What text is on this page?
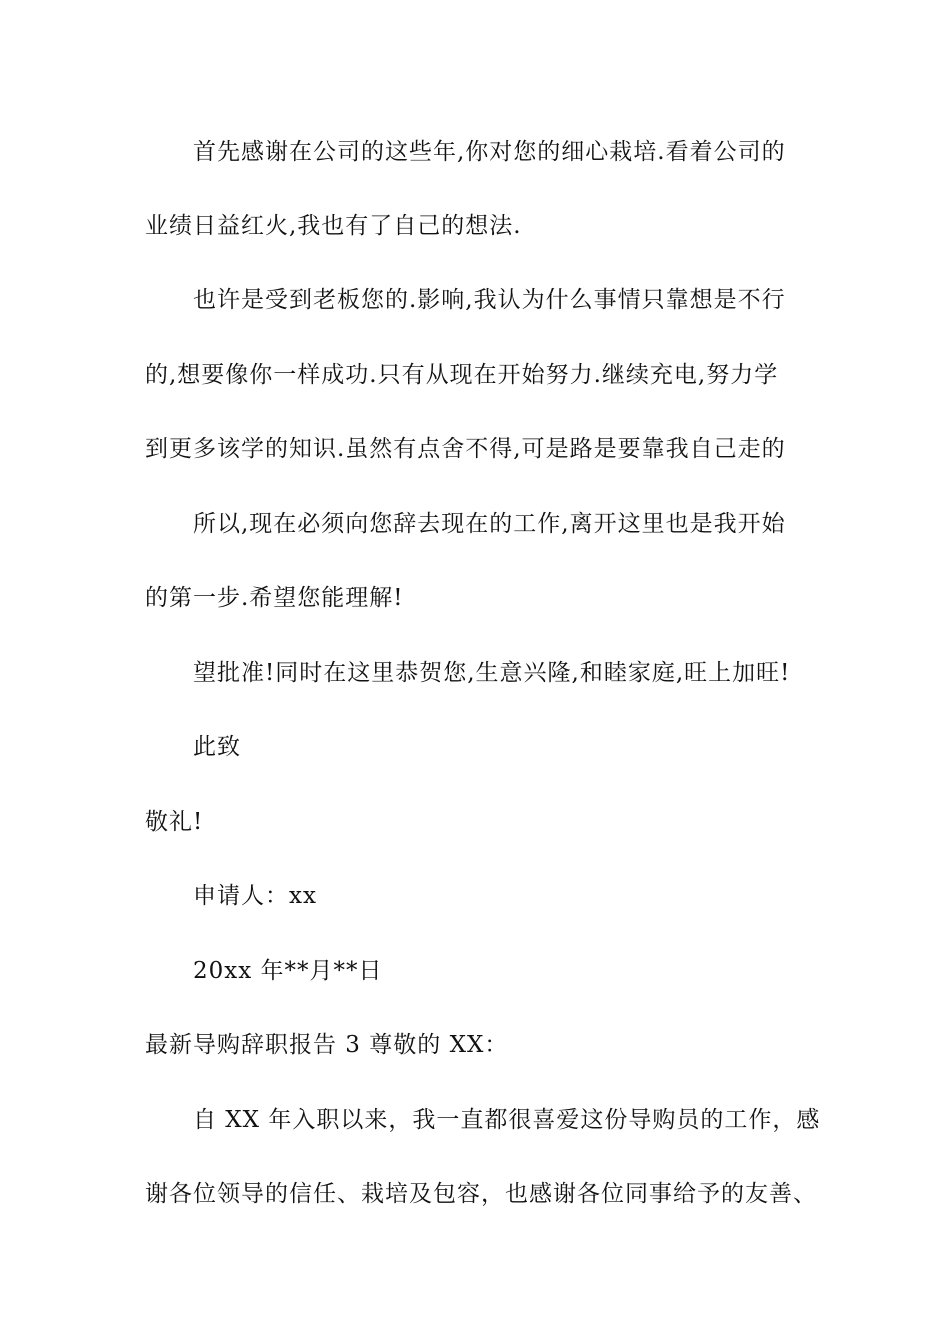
首先感谢在公司的这些年,你对您的细心栽培.看着公司的
业绩日益红火,我也有了自己的想法.
也许是受到老板您的.影响,我认为什么事情只靠想是不行
的,想要像你一样成功.只有从现在开始努力.继续充电,努力学
到更多该学的知识.虽然有点舍不得,可是路是要靠我自己走的
所以,现在必须向您辞去现在的工作,离开这里也是我开始
的第一步.希望您能理解!
望批准!同时在这里恭贺您,生意兴隆,和睦家庭,旺上加旺!
此致
敬礼!
申请人：xx
20xx 年**月**日
最新导购辞职报告 3 尊敬的 XX：
自 XX 年入职以来，我一直都很喜爱这份导购员的工作，感
谢各位领导的信任、栽培及包容，也感谢各位同事给予的友善、
